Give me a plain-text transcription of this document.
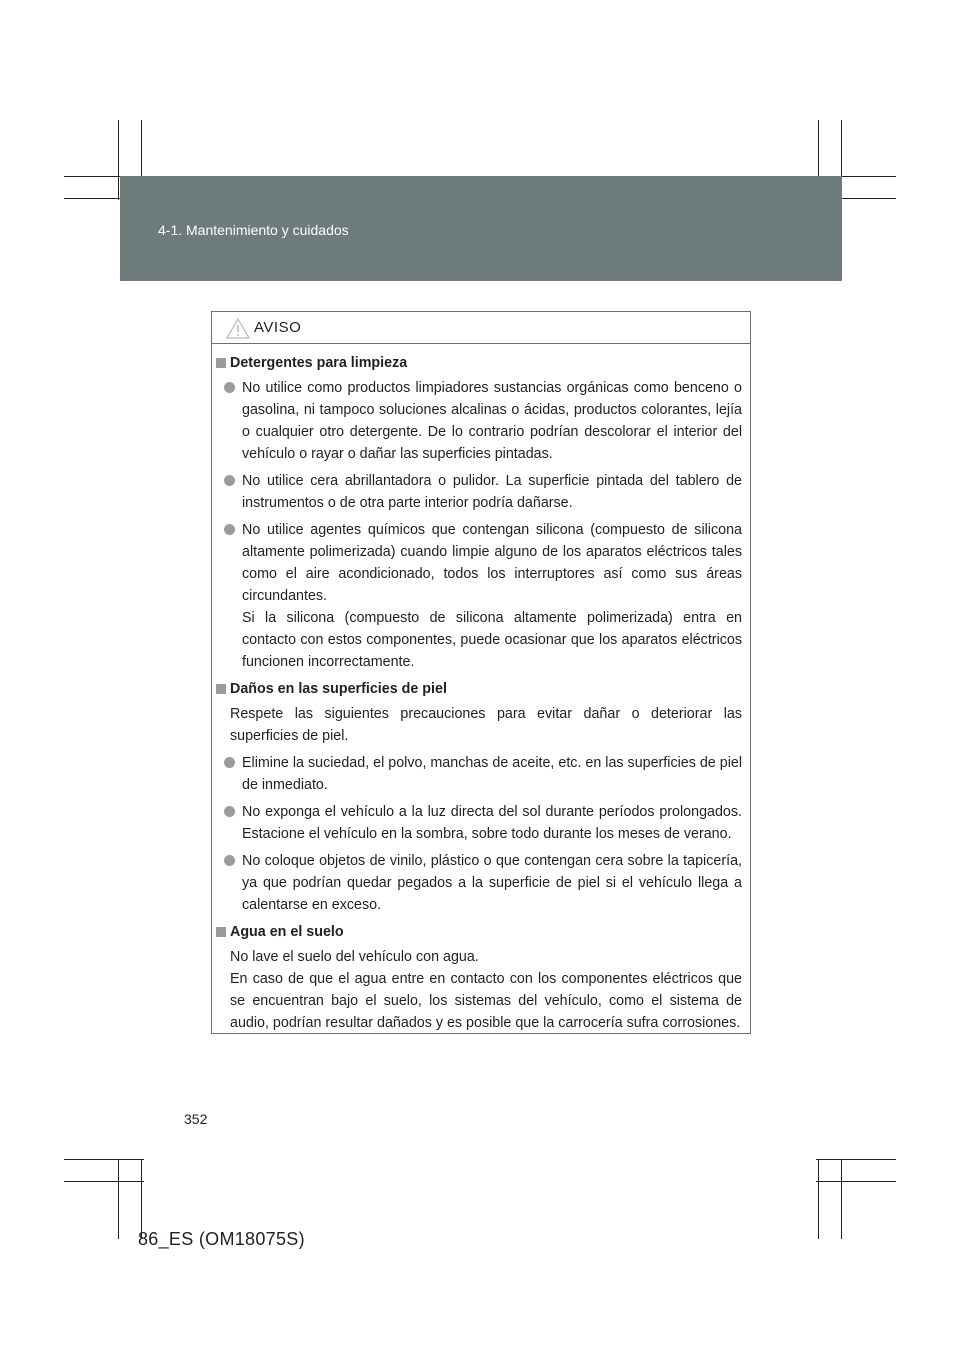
4-1. Mantenimiento y cuidados
AVISO
Detergentes para limpieza
No utilice como productos limpiadores sustancias orgánicas como benceno o gasolina, ni tampoco soluciones alcalinas o ácidas, productos colorantes, lejía o cualquier otro detergente. De lo contrario podrían descolorar el interior del vehículo o rayar o dañar las superficies pintadas.
No utilice cera abrillantadora o pulidor. La superficie pintada del tablero de instrumentos o de otra parte interior podría dañarse.
No utilice agentes químicos que contengan silicona (compuesto de silicona altamente polimerizada) cuando limpie alguno de los aparatos eléctricos tales como el aire acondicionado, todos los interruptores así como sus áreas circundantes.
Si la silicona (compuesto de silicona altamente polimerizada) entra en contacto con estos componentes, puede ocasionar que los aparatos eléctricos funcionen incorrectamente.
Daños en las superficies de piel
Respete las siguientes precauciones para evitar dañar o deteriorar las superficies de piel.
Elimine la suciedad, el polvo, manchas de aceite, etc. en las superficies de piel de inmediato.
No exponga el vehículo a la luz directa del sol durante períodos prolongados. Estacione el vehículo en la sombra, sobre todo durante los meses de verano.
No coloque objetos de vinilo, plástico o que contengan cera sobre la tapicería, ya que podrían quedar pegados a la superficie de piel si el vehículo llega a calentarse en exceso.
Agua en el suelo
No lave el suelo del vehículo con agua.
En caso de que el agua entre en contacto con los componentes eléctricos que se encuentran bajo el suelo, los sistemas del vehículo, como el sistema de audio, podrían resultar dañados y es posible que la carrocería sufra corrosiones.
352
86_ES (OM18075S)
